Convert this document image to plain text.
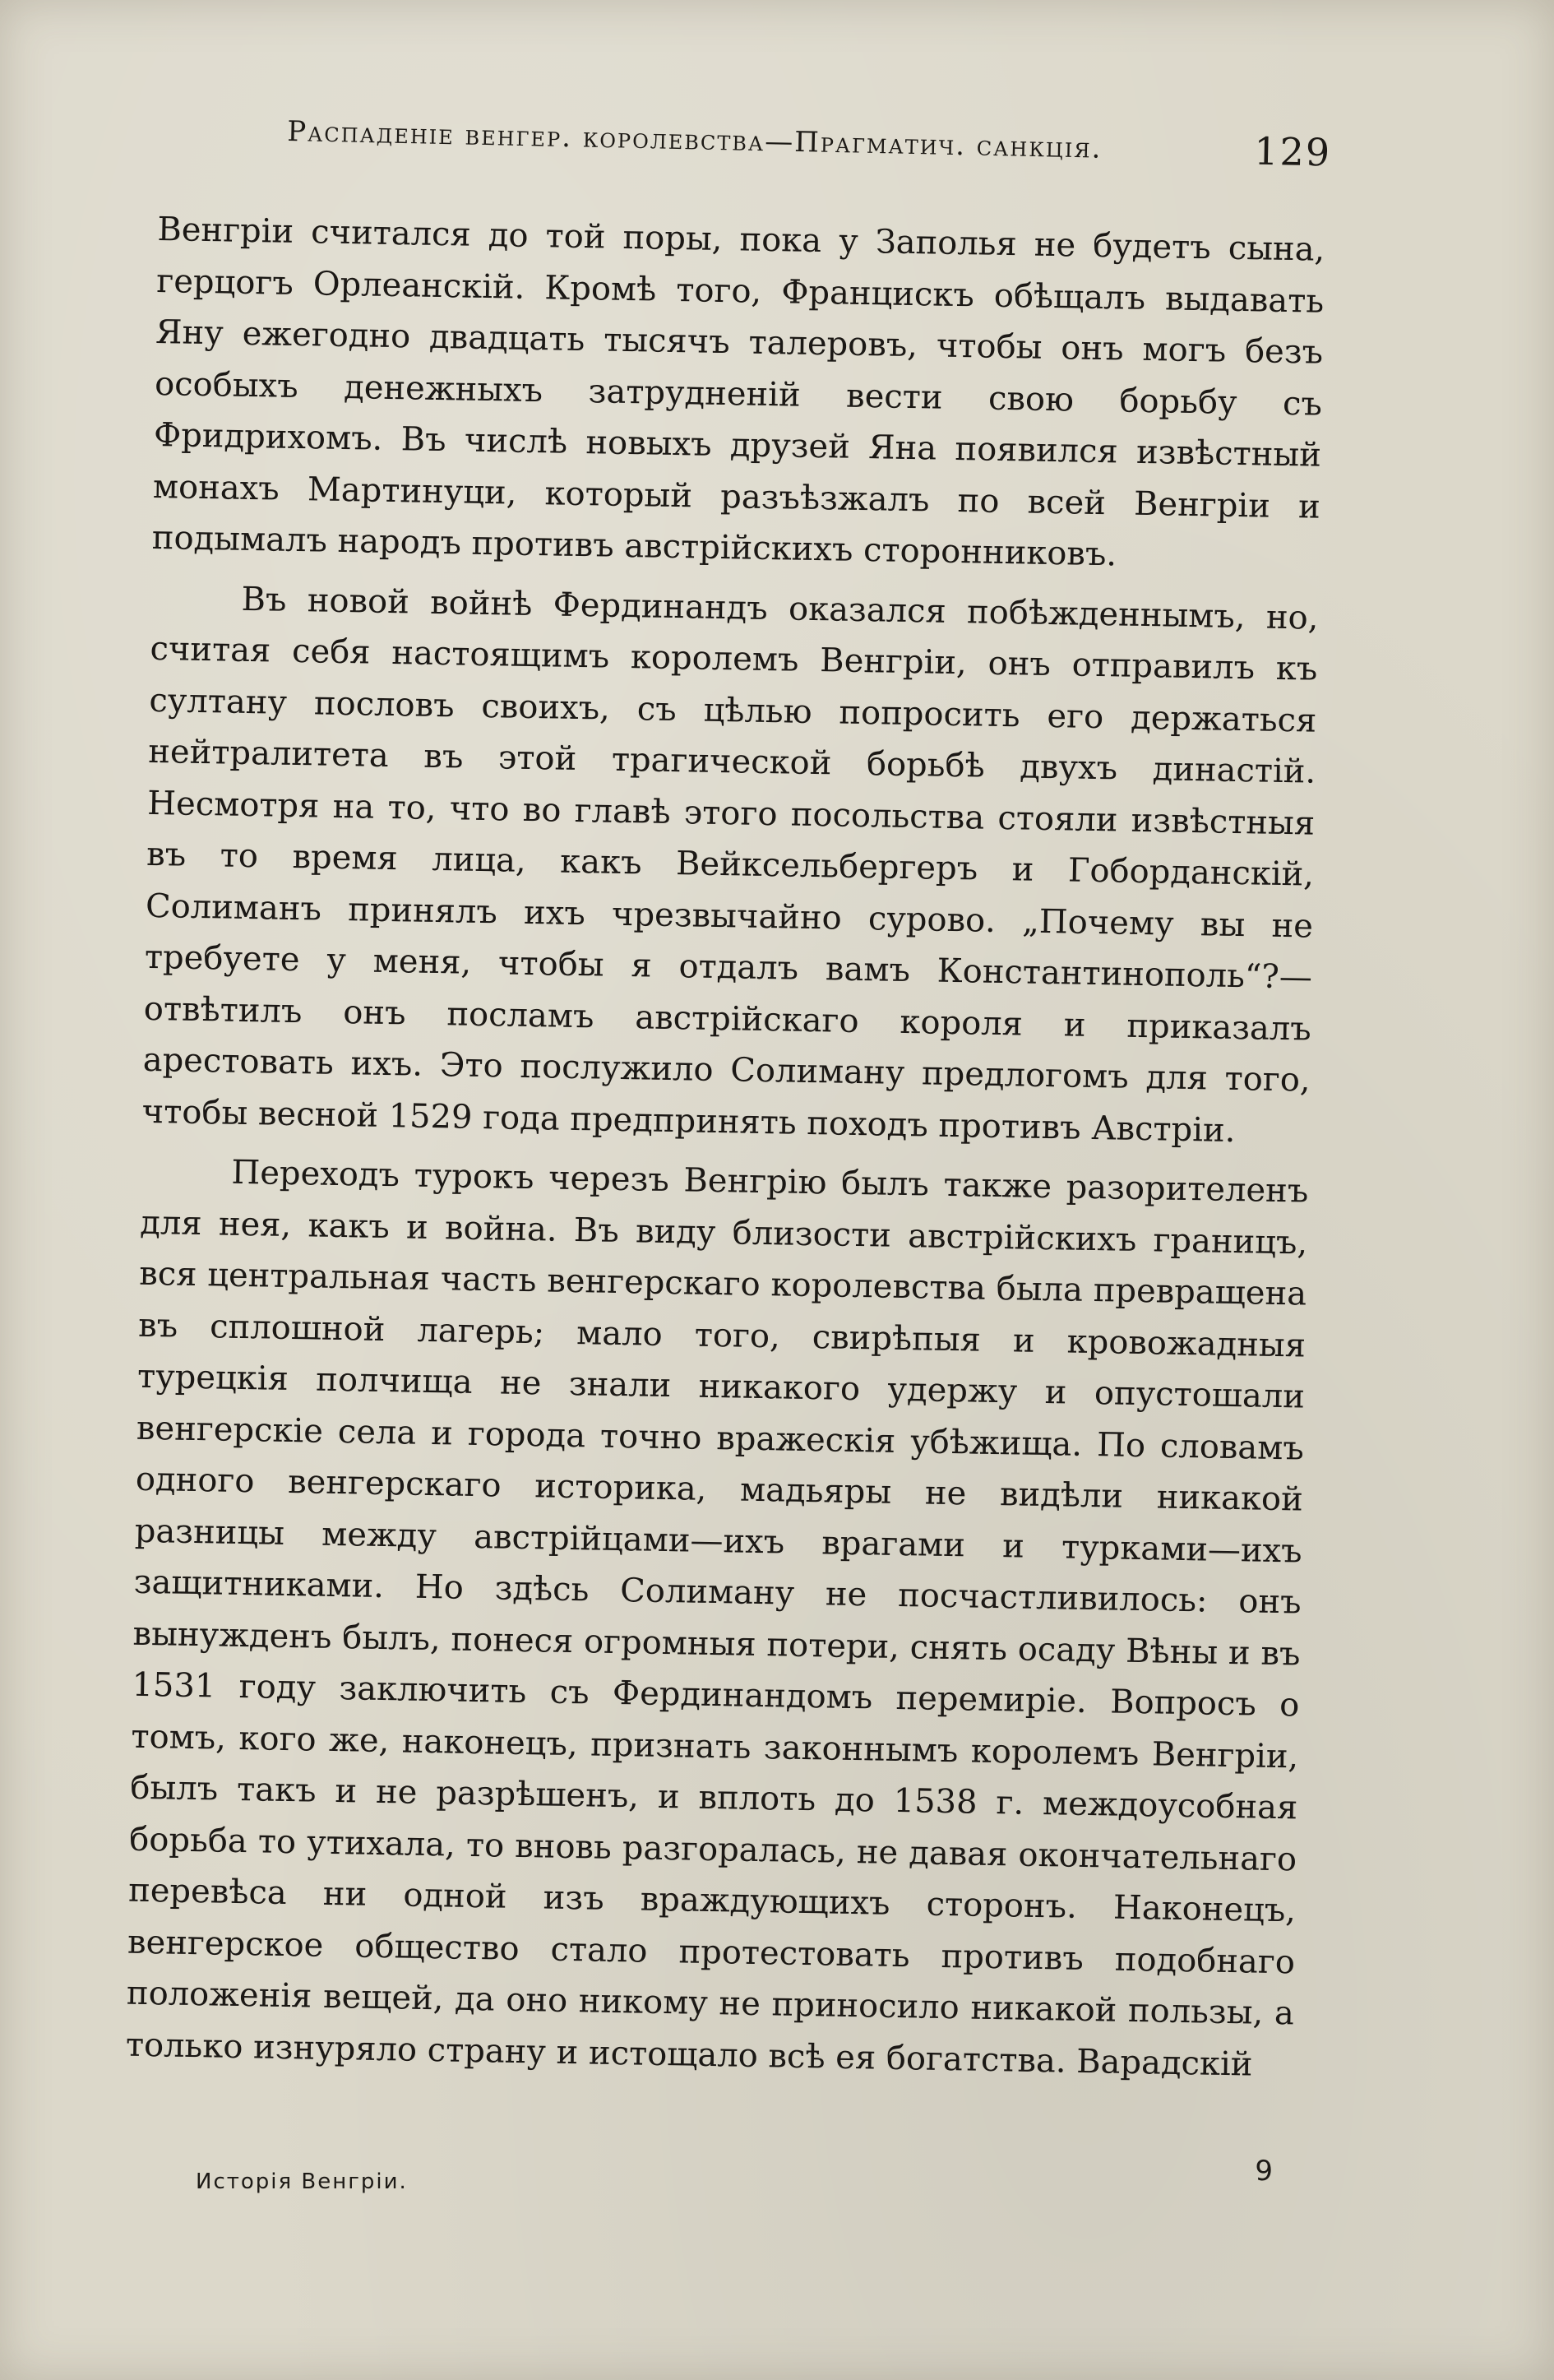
Распаденіе венгер. королевства—Прагматич. санкція.	129

Венгріи считался до той поры, пока у Заполья не будетъ сына, герцогъ Орлеанскій. Кромѣ того, Францискъ обѣщалъ выдавать Яну ежегодно двадцать тысячъ талеровъ, чтобы онъ могъ безъ особыхъ денежныхъ затрудненій вести свою борьбу съ Фридрихомъ. Въ числѣ новыхъ друзей Яна появился извѣстный монахъ Мартинуци, который разъѣзжалъ по всей Венгріи и подымалъ народъ противъ австрійскихъ сторонниковъ.

Въ новой войнѣ Фердинандъ оказался побѣжденнымъ, но, считая себя настоящимъ королемъ Венгріи, онъ отправилъ къ султану пословъ своихъ, съ цѣлью попросить его держаться нейтралитета въ этой трагической борьбѣ двухъ династій. Несмотря на то, что во главѣ этого посольства стояли извѣстныя въ то время лица, какъ Вейксельбергеръ и Гоборданскій, Солиманъ принялъ ихъ чрезвычайно сурово. „Почему вы не требуете у меня, чтобы я отдалъ вамъ Константинополь“?—отвѣтилъ онъ посламъ австрійскаго короля и приказалъ арестовать ихъ. Это послужило Солиману предлогомъ для того, чтобы весной 1529 года предпринять походъ противъ Австріи.

Переходъ турокъ черезъ Венгрію былъ также разорителенъ для нея, какъ и война. Въ виду близости австрійскихъ границъ, вся центральная часть венгерскаго королевства была превращена въ сплошной лагерь; мало того, свирѣпыя и кровожадныя турецкія полчища не знали никакого удержу и опустошали венгерскіе села и города точно вражескія убѣжища. По словамъ одного венгерскаго историка, мадьяры не видѣли никакой разницы между австрійцами—ихъ врагами и турками—ихъ защитниками. Но здѣсь Солиману не посчастливилось: онъ вынужденъ былъ, понеся огромныя потери, снять осаду Вѣны и въ 1531 году заключить съ Фердинандомъ перемиріе. Вопросъ о томъ, кого же, наконецъ, признать законнымъ королемъ Венгріи, былъ такъ и не разрѣшенъ, и вплоть до 1538 г. междоусобная борьба то утихала, то вновь разгоралась, не давая окончательнаго перевѣса ни одной изъ враждующихъ сторонъ. Наконецъ, венгерское общество стало протестовать противъ подобнаго положенія вещей, да оно никому не приносило никакой пользы, а только изнуряло страну и истощало всѣ ея богатства. Варадскій

Исторія Венгріи.	9
